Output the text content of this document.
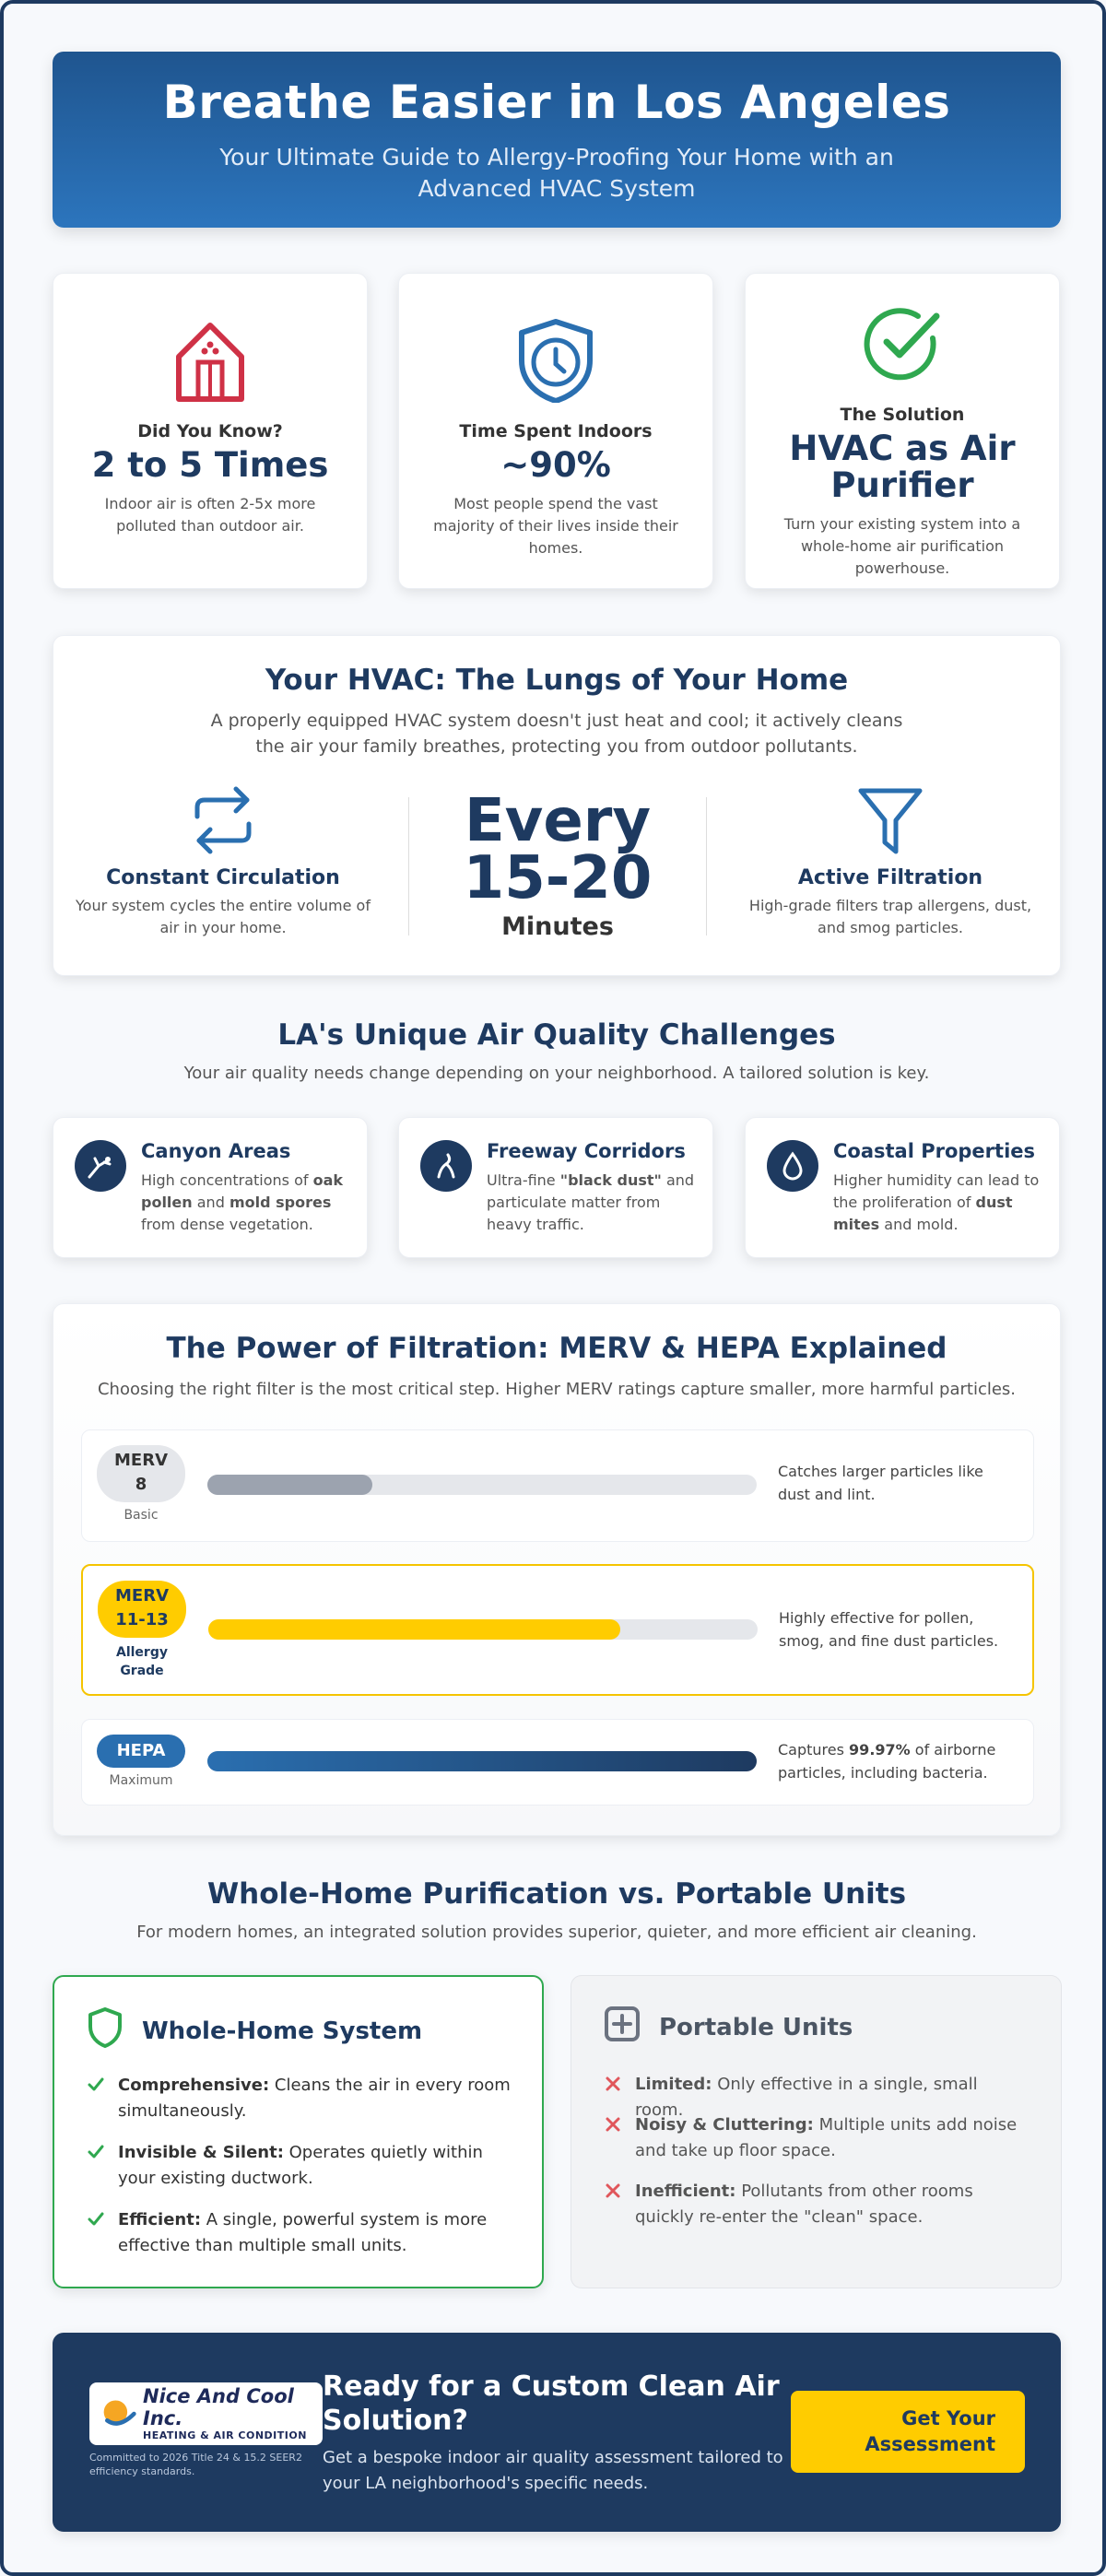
Breathe Easier in Los Angeles

Your Ultimate Guide to Allergy-Proofing Your Home with an Advanced HVAC System

Did You Know?
2 to 5 Times
Indoor air is often 2-5x more polluted than outdoor air.
Time Spent Indoors
~90%
Most people spend the vast majority of their lives inside their homes.
The Solution
HVAC as Air Purifier
Turn your existing system into a whole-home air purification powerhouse.
Your HVAC: The Lungs of Your Home
A properly equipped HVAC system doesn't just heat and cool; it actively cleans the air your family breathes, protecting you from outdoor pollutants.
Constant Circulation
Your system cycles the entire volume of air in your home.
Every
15-20
Minutes
Active Filtration
High-grade filters trap allergens, dust, and smog particles.
LA's Unique Air Quality Challenges
Your air quality needs change depending on your neighborhood. A tailored solution is key.
Canyon Areas
High concentrations of oak pollen and mold spores from dense vegetation.
Freeway Corridors
Ultra-fine "black dust" and particulate matter from heavy traffic.
Coastal Properties
Higher humidity can lead to the proliferation of dust mites and mold.
The Power of Filtration: MERV & HEPA Explained
Choosing the right filter is the most critical step. Higher MERV ratings capture smaller, more harmful particles.
MERV
8
Basic
Catches larger particles like dust and lint.
MERV
11-13
Allergy Grade
Highly effective for pollen, smog, and fine dust particles.
HEPA
Maximum
Captures 99.97% of airborne particles, including bacteria.
Whole-Home Purification vs. Portable Units
For modern homes, an integrated solution provides superior, quieter, and more efficient air cleaning.
Whole-Home System
Comprehensive: Cleans the air in every room simultaneously.
Invisible & Silent: Operates quietly within your existing ductwork.
Efficient: A single, powerful system is more effective than multiple small units.
Portable Units
Limited: Only effective in a single, small room.
Noisy & Cluttering: Multiple units add noise and take up floor space.
Inefficient: Pollutants from other rooms quickly re-enter the "clean" space.
Nice And Cool Inc.
HEATING & AIR CONDITION
Committed to 2026 Title 24 & 15.2 SEER2 efficiency standards.
Ready for a Custom Clean Air Solution?
Get a bespoke indoor air quality assessment tailored to your LA neighborhood's specific needs.
Get Your Assessment
